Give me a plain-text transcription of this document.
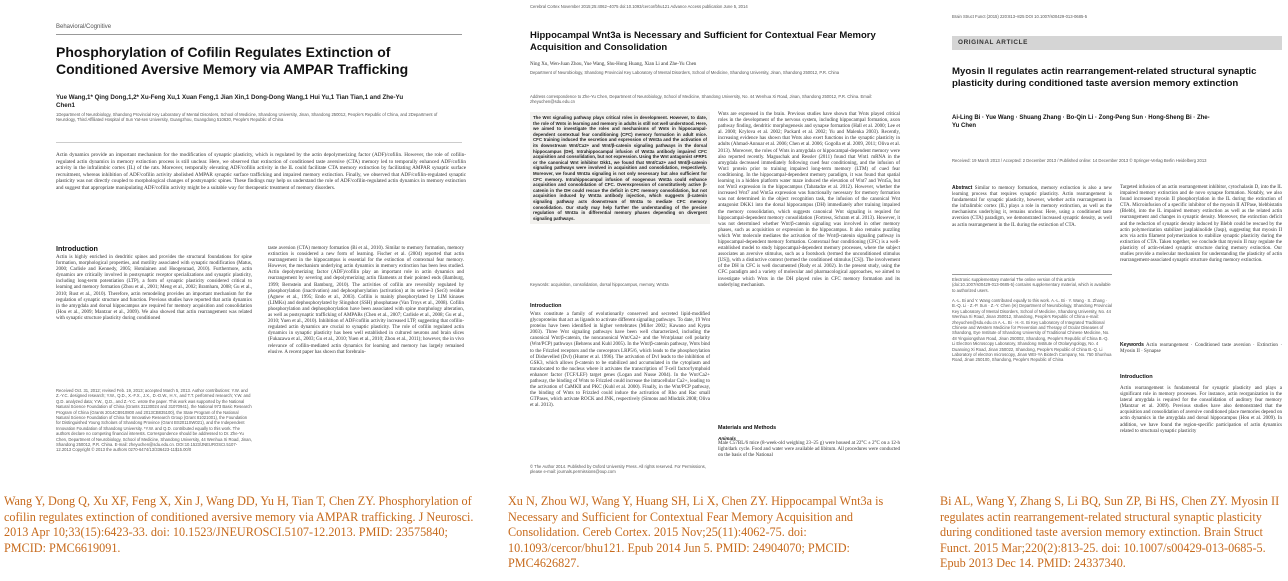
Behavioral/Cognitive
Phosphorylation of Cofilin Regulates Extinction of Conditioned Aversive Memory via AMPAR Trafficking
Yue Wang,1* Qing Dong,1,2* Xu-Feng Xu,1 Xuan Feng,1 Jian Xin,1 Dong-Dong Wang,1 Hui Yu,1 Tian Tian,1 and Zhe-Yu Chen1
1Department of Neurobiology, Shandong Provincial Key Laboratory of Mental Disorders, School of Medicine, Shandong University, Jinan, Shandong 250012, People's Republic of China, and 2Department of Neurology, Third Affiliated Hospital of Sun Yat-sen University, Guangzhou, Guangdong 510630, People's Republic of China
Actin dynamics provide an important mechanism for the modification of synaptic plasticity, which is regulated by the actin depolymerizing factor (ADF)/cofilin. However, the role of cofilin-regulated actin dynamics in memory extinction process is still unclear. Here, we observed that extinction of conditioned taste aversive (CTA) memory led to temporally enhanced ADF/cofilin activity in the infralimbic cortex (IL) of the rats. Moreover, temporally elevating ADF/cofilin activity in the IL could facilitate CTA memory extinction by facilitating AMPAR synaptic surface recruitment, whereas inhibition of ADF/cofilin activity abolished AMPAR synaptic surface trafficking and impaired memory extinction. Finally, we observed that ADF/cofilin-regulated synaptic plasticity was not directly coupled to morphological changes of postsynaptic spines. These findings may help us understand the role of ADF/cofilin-regulated actin dynamics in memory extinction and suggest that appropriate manipulating ADF/cofilin activity might be a suitable way for therapeutic treatment of memory disorders.
Introduction
Actin is highly enriched in dendritic spines and provides the structural foundations for spine formation, morphological properties, and motility associated with synaptic modification (Matus, 2000; Carlisle and Kennedy, 2005; Hotulainen and Hoogenraad, 2010). Furthermore, actin dynamics are critically involved in postsynaptic receptor specializations and synaptic plasticity, including long-term potentiation (LTP), a form of synaptic plasticity considered critical to learning and memory formation (Zhou et al., 2001; Meng et al., 2002; Bramham, 2008; Gu et al., 2010; Rust et al., 2010). Therefore, actin remodeling provides an important mechanism for the regulation of synaptic structure and function. Previous studies have reported that actin dynamics in the amygdala and dorsal hippocampus are required for memory acquisition and consolidation (Hou et al., 2009; Mantzur et al., 2009). We also showed that actin rearrangement was related with synaptic structure plasticity during conditioned
Received Oct. 31, 2012; revised Feb. 19, 2013; accepted March 5, 2013. Author contributions: Y.W. and Z.-Y.C. designed research; Y.W., Q.D., X.-F.X., J.X., D.-D.W., H.Y., and T.T. performed research; Y.W. and Q.D. analyzed data; Y.W., Q.D., and Z.-Y.C. wrote the paper. This work was supported by the National Natural Science Foundation of China (Grants 31130024 and 31070941), the National 973 Basic Research Program of China (Grants 2014CB910800 and 2013CB835100), the State Program of the National Natural Science Foundation of China for Innovative Research Group (Grant 81021001), the Foundation for Distinguished Young Scholars of Shandong Province (Grant BS2011SW021), and the Independent Innovation Foundation of Shandong University. *Y.W. and Q.D. contributed equally to this work. The authors declare no competing financial interests. Correspondence should be addressed to Dr. Zhe-Yu Chen, Department of Neurobiology, School of Medicine, Shandong University, 44 Wenhua Xi Road, Jinan, Shandong 250012, P.R. China. E-mail: zheyuchen@sdu.edu.cn. DOI:10.1523/JNEUROSCI.5107-12.2013 Copyright © 2013 the authors 0270-6474/13/336423-11$15.00/0
taste aversion (CTA) memory formation (Bi et al., 2010). Similar to memory formation, memory extinction is considered a new form of learning. Fischer et al. (2004) reported that actin rearrangement in the hippocampus is essential for the extinction of contextual fear memory. However, the mechanism underlying actin dynamics in memory extinction has been less studied. Actin depolymerizing factor (ADF)/cofilin play an important role in actin dynamics and rearrangement by severing and depolymerizing actin filaments at their pointed ends (Bamburg, 1999; Bernstein and Bamburg, 2010). The activities of cofilin are reversibly regulated by phosphorylation (inactivation) and dephosphorylation (activation) at its serine-3 (Ser3) residue (Agnew et al., 1995; Endo et al., 2003). Cofilin is mainly phosphorylated by LIM kinases (LIMKs) and dephosphorylated by Slingshot (SSH) phosphatase (Van Troys et al., 2008). Cofilin phosphorylation and dephosphorylation have been associated with spine morphology alteration, as well as postsynaptic trafficking of AMPARs (Chen et al., 2007; Carlisle et al., 2008; Gu et al., 2010; Yuen et al., 2010). Inhibition of ADF/cofilin activity increased LTP, suggesting that cofilin-regulated actin dynamics are crucial to synaptic plasticity. The role of cofilin regulated actin dynamics in synaptic plasticity has been well established in cultured neurons and brain slices (Fukazawa et al., 2003; Gu et al., 2010; Yuen et al., 2010; Zhou et al., 2011); however, the in vivo relevance of cofilin-mediated actin dynamics for learning and memory has largely remained elusive. A recent paper has shown that forebrain-
Wang Y, Dong Q, Xu XF, Feng X, Xin J, Wang DD, Yu H, Tian T, Chen ZY. Phosphorylation of cofilin regulates extinction of conditioned aversive memory via AMPAR trafficking. J Neurosci. 2013 Apr 10;33(15):6423-33. doi: 10.1523/JNEUROSCI.5107-12.2013. PMID: 23575840; PMCID: PMC6619091.
Cerebral Cortex November 2015;25:4062–4075 doi:10.1093/cercor/bhu121 Advance Access publication June 5, 2014
Hippocampal Wnt3a is Necessary and Sufficient for Contextual Fear Memory Acquisition and Consolidation
Ning Xu, Wen-Juan Zhou, Yue Wang, Shu-Hong Huang, Xian Li and Zhe-Yu Chen
Department of Neurobiology, Shandong Provincial Key Laboratory of Mental Disorders, School of Medicine, Shandong University, Jinan, Shandong 250012, P.R. China
Address correspondence to Zhe-Yu Chen, Department of Neurobiology, School of Medicine, Shandong University, No. 44 Wenhua Xi Road, Jinan, Shandong 250012, P.R. China. Email: zheyuchen@sdu.edu.cn
The Wnt signaling pathway plays critical roles in development. However, to date, the role of Wnts in learning and memory in adults is still not well understood. Here, we aimed to investigate the roles and mechanisms of Wnts in hippocampal-dependent contextual fear conditioning (CFC) memory formation in adult mice. CFC training induced the secretion and expression of Wnt3a and the activation of its downstream Wnt/Ca2+ and Wnt/β-catenin signaling pathways in the dorsal hippocampus (DH). Intrahippocampal infusion of Wnt3a antibody impaired CFC acquisition and consolidation, but not expression. Using the Wnt antagonist sFRP1 or the canonical Wnt inhibitor Dkk1, we found that Wnt/Ca2+ and Wnt/β-catenin signaling pathways were involved in acquisition and consolidation, respectively. Moreover, we found Wnt3a signaling is not only necessary but also sufficient for CFC memory. Intrahippocampal infusion of exogenous Wnt3a could enhance acquisition and consolidation of CFC. Overexpression of constitutively active β-catenin in the DH could rescue the deficit in CFC memory consolidation, but not acquisition induced by Wnt3a antibody injection, which suggests β-catenin signaling pathway acts downstream of Wnt3a to mediate CFC memory consolidation. Our study may help further the understanding of the precise regulation of Wnt3a in differential memory phases depending on divergent signaling pathways.
Keywords: acquisition, consolidation, dorsal hippocampus, memory, Wnt3a
Introduction
Wnts constitute a family of evolutionarily conserved and secreted lipid-modified glycoproteins that act as ligands to activate different signaling pathways. To date, 19 Wnt proteins have been identified in higher vertebrates (Miller 2002; Kawano and Kypta 2003). Three Wnt signaling pathways have been well characterized, including the canonical Wnt/β-catenin, the noncanonical Wnt/Ca2+ and the Wnt/planar cell polarity (Wnt/PCP) pathways (Behrens and Kuhl 2005). In the Wnt/β-catenin pathway, Wnts bind to the Frizzled receptors and the coreceptors LRP5/6, which leads to the phosphorylation of Dishevelled (Dvl) (Hunter et al. 1996). The activation of Dvl leads to the inhibition of GSK3, which allows β-catenin to be stabilized and accumulated in the cytoplasm and translocated to the nucleus where it activates the transcription of T-cell factor/lymphoid enhancer factor (TCF/LEF) target genes (Logan and Nusse 2004). In the Wnt/Ca2+ pathway, the binding of Wnts to Frizzled could increase the intracellular Ca2+, leading to the activation of CaMKII and PKC (Kuhl et al. 2000). Finally, in the Wnt/PCP pathway, the binding of Wnts to Frizzled could induce the activation of Rho and Rac small GTPases, which activate ROCK and JNK, respectively (Simons and Mlodzik 2008; Oliva et al. 2013).
Wnts are expressed in the brain. Previous studies have shown that Wnts played critical roles in the development of the nervous system, including hippocampal formation, axon pathway finding, dendritic morphogenesis and synapse formation (Hall et al. 2000; Lee et al. 2000; Krylova et al. 2002; Packard et al. 2002; Yu and Malenka 2003). Recently, increasing evidence has shown that Wnts also exert functions in the synaptic plasticity in adults (Ahmad-Annuar et al. 2006; Chen et al. 2006; Gogolla et al. 2009, 2011; Oliva et al. 2013). Moreover, the roles of Wnts in amygdala or hippocampal-dependent memory were also reported recently. Maguschak and Ressler (2011) found that Wnt1 mRNA in the amygdala decreased immediately following cued fear conditioning, and the infusion of Wnt1 protein prior to training impaired long-term memory (LTM) of cued fear conditioning. In the hippocampal-dependent memory paradigm, it was found that spatial learning in a hidden platform water maze induced the elevation of Wnt7 and Wnt5a, but not Wnt3 expression in the hippocampus (Tabatadze et al. 2012). However, whether the increased Wnt7 and Wnt5a expression was functionally necessary for memory formation was not determined in the object recognition task, the infusion of the canonical Wnt antagonist DKK1 into the dorsal hippocampus (DH) immediately after training impaired the memory consolidation, which suggests canonical Wnt signaling is required for hippocampal-dependent memory consolidation (Fortress, Schram et al. 2013). However, it was not determined whether Wnt/β-catenin signaling was involved in other memory phases, such as acquisition or expression in the hippocampus. It also remains puzzling which Wnt molecule mediates the activation of the Wnt/β-catenin signaling pathway in hippocampal-dependent memory formation. Contextual fear conditioning (CFC) is a well-established model to study hippocampal-dependent memory processes, where the subject associates an aversive stimulus, such as a footshock (termed the unconditioned stimulus [US]), with a distinctive context (termed the conditioned stimulus [CS]). The involvement of the DH in CFC is well documented (Rudy et al. 2002). In the present study, using the CFC paradigm and a variety of molecular and pharmacological approaches, we aimed to investigate which Wnts in the DH played roles in CFC memory formation and its underlying mechanism.
Materials and Methods
Animals
Male C57BL/6 mice (8-week-old weighing 23–25 g) were housed at 22°C ± 2°C on a 12-h light/dark cycle. Food and water were available ad libitum. All procedures were conducted on the basis of the National
© The Author 2014. Published by Oxford University Press. All rights reserved. For Permissions, please e-mail: journals.permissions@oup.com
Xu N, Zhou WJ, Wang Y, Huang SH, Li X, Chen ZY. Hippocampal Wnt3a is Necessary and Sufficient for Contextual Fear Memory Acquisition and Consolidation. Cereb Cortex. 2015 Nov;25(11):4062-75. doi: 10.1093/cercor/bhu121. Epub 2014 Jun 5. PMID: 24904070; PMCID: PMC4626827.
Brain Struct Funct (2015) 220:813–825 DOI 10.1007/s00429-013-0685-5
ORIGINAL ARTICLE
Myosin II regulates actin rearrangement-related structural synaptic plasticity during conditioned taste aversion memory extinction
Ai-Ling Bi · Yue Wang · Shuang Zhang · Bo-Qin Li · Zong-Peng Sun · Hong-Sheng Bi · Zhe-Yu Chen
Received: 19 March 2013 / Accepted: 2 December 2013 / Published online: 14 December 2013 © Springer-Verlag Berlin Heidelberg 2013
Abstract Similar to memory formation, memory extinction is also a new learning process that requires synaptic plasticity. Actin rearrangement is fundamental for synaptic plasticity, however, whether actin rearrangement in the infralimbic cortex (IL) plays a role in memory extinction, as well as the mechanisms underlying it, remains unclear. Here, using a conditioned taste aversion (CTA) paradigm, we demonstrated increased synaptic density, as well as actin rearrangement in the IL during the extinction of CTA.
Electronic supplementary material The online version of this article (doi:10.1007/s00429-013-0685-5) contains supplementary material, which is available to authorized users.
A.-L. Bi and Y. Wang contributed equally to this work. A.-L. Bi · Y. Wang · S. Zhang · B.-Q. Li · Z.-P. Sun · Z.-Y. Chen (✉) Department of Neurobiology, Shandong Provincial Key Laboratory of Mental Disorders, School of Medicine, Shandong University, No. 44 Wenhua Xi Road, Jinan 250012, Shandong, People's Republic of China e-mail: zheyuchen@sdu.edu.cn A.-L. Bi · H.-S. Bi Key Laboratory of Integrated Traditional Chinese and Western Medicine for Prevention and Therapy of Ocular Diseases of Shandong, Eye Institute of Shandong University of Traditional Chinese Medicine, No. 48 Yingxiongshan Road, Jinan 250002, Shandong, People's Republic of China B.-Q. Li Electron Microscopy Laboratory, Shandong Institute of Otolaryngology, No. 4 Duanxing Xi Road, Jinan 250022, Shandong, People's Republic of China B.-Q. Li Laboratory of electron microscopy, Jinan WEI-YA Biotech Company, No. 750 Shunhua Road, Jinan 250100, Shandong, People's Republic of China
Targeted infusion of an actin rearrangement inhibitor, cytochalasin D, into the IL impaired memory extinction and de novo synapse formation. Notably, we also found increased myosin II phosphorylation in the IL during the extinction of CTA. Microinfusion of a specific inhibitor of the myosin II ATPase, blebbistatin (Blebb), into the IL impaired memory extinction as well as the related actin rearrangement and changes in synaptic density. Moreover, the extinction deficit and the reduction of synaptic density induced by Blebb could be rescued by the actin polymerization stabilizer jasplakinolide (Jasp), suggesting that myosin II acts via actin filament polymerization to stabilize synaptic plasticity during the extinction of CTA. Taken together, we conclude that myosin II may regulate the plasticity of actin-related synaptic structure during memory extinction. Our studies provide a molecular mechanism for understanding the plasticity of actin rearrangement-associated synaptic structure during memory extinction.
Keywords Actin rearrangement · Conditioned taste aversion · Extinction · Myosin II · Synapse
Introduction
Actin rearrangement is fundamental for synaptic plasticity and plays a significant role in memory processes. For instance, actin reorganization in the lateral amygdala is required for the consolidation of auditory fear memory (Mantzur et al. 2009). Previous studies have also demonstrated that the acquisition and consolidation of aversive conditioned place memories depend on actin dynamics in the amygdala and dorsal hippocampus (Hou et al. 2009). In addition, we have found the region-specific participation of actin dynamics related to structural synaptic plasticity
Bi AL, Wang Y, Zhang S, Li BQ, Sun ZP, Bi HS, Chen ZY. Myosin II regulates actin rearrangement-related structural synaptic plasticity during conditioned taste aversion memory extinction. Brain Struct Funct. 2015 Mar;220(2):813-25. doi: 10.1007/s00429-013-0685-5. Epub 2013 Dec 14. PMID: 24337340.
